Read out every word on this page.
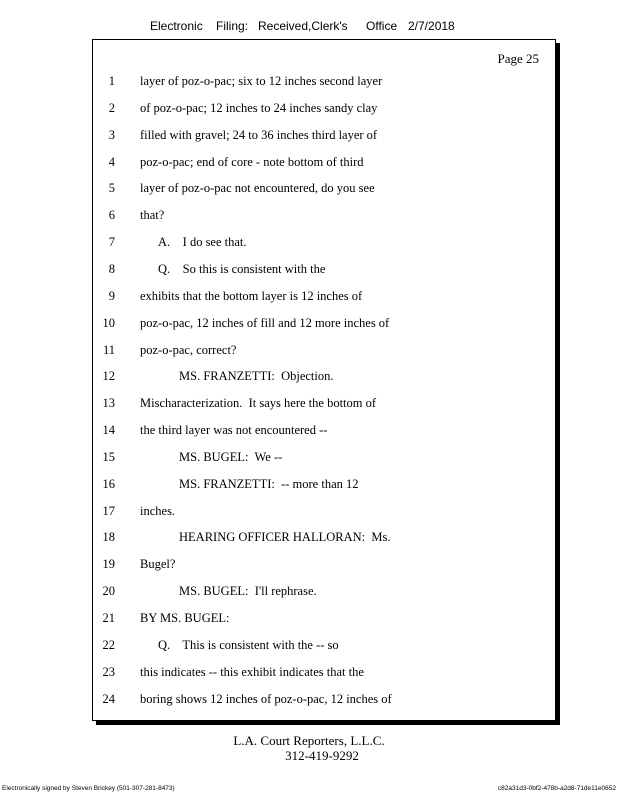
Electronic Filing: Received,Clerk's Office 2/7/2018
Page 25
1 layer of poz-o-pac; six to 12 inches second layer
2 of poz-o-pac; 12 inches to 24 inches sandy clay
3 filled with gravel; 24 to 36 inches third layer of
4 poz-o-pac; end of core - note bottom of third
5 layer of poz-o-pac not encountered, do you see
6 that?
7	A.    I do see that.
8	Q.    So this is consistent with the
9 exhibits that the bottom layer is 12 inches of
10 poz-o-pac, 12 inches of fill and 12 more inches of
11 poz-o-pac, correct?
12	MS. FRANZETTI:  Objection.
13 Mischaracterization.  It says here the bottom of
14 the third layer was not encountered --
15	MS. BUGEL:  We --
16	MS. FRANZETTI:  -- more than 12
17 inches.
18	HEARING OFFICER HALLORAN:  Ms.
19 Bugel?
20	MS. BUGEL:  I'll rephrase.
21 BY MS. BUGEL:
22	Q.    This is consistent with the -- so
23 this indicates -- this exhibit indicates that the
24 boring shows 12 inches of poz-o-pac, 12 inches of
L.A. Court Reporters, L.L.C.
312-419-9292
Electronically signed by Steven Brickey (501-307-281-8473)	c82a31d3-0bf2-478b-a2d8-71de11e0652
